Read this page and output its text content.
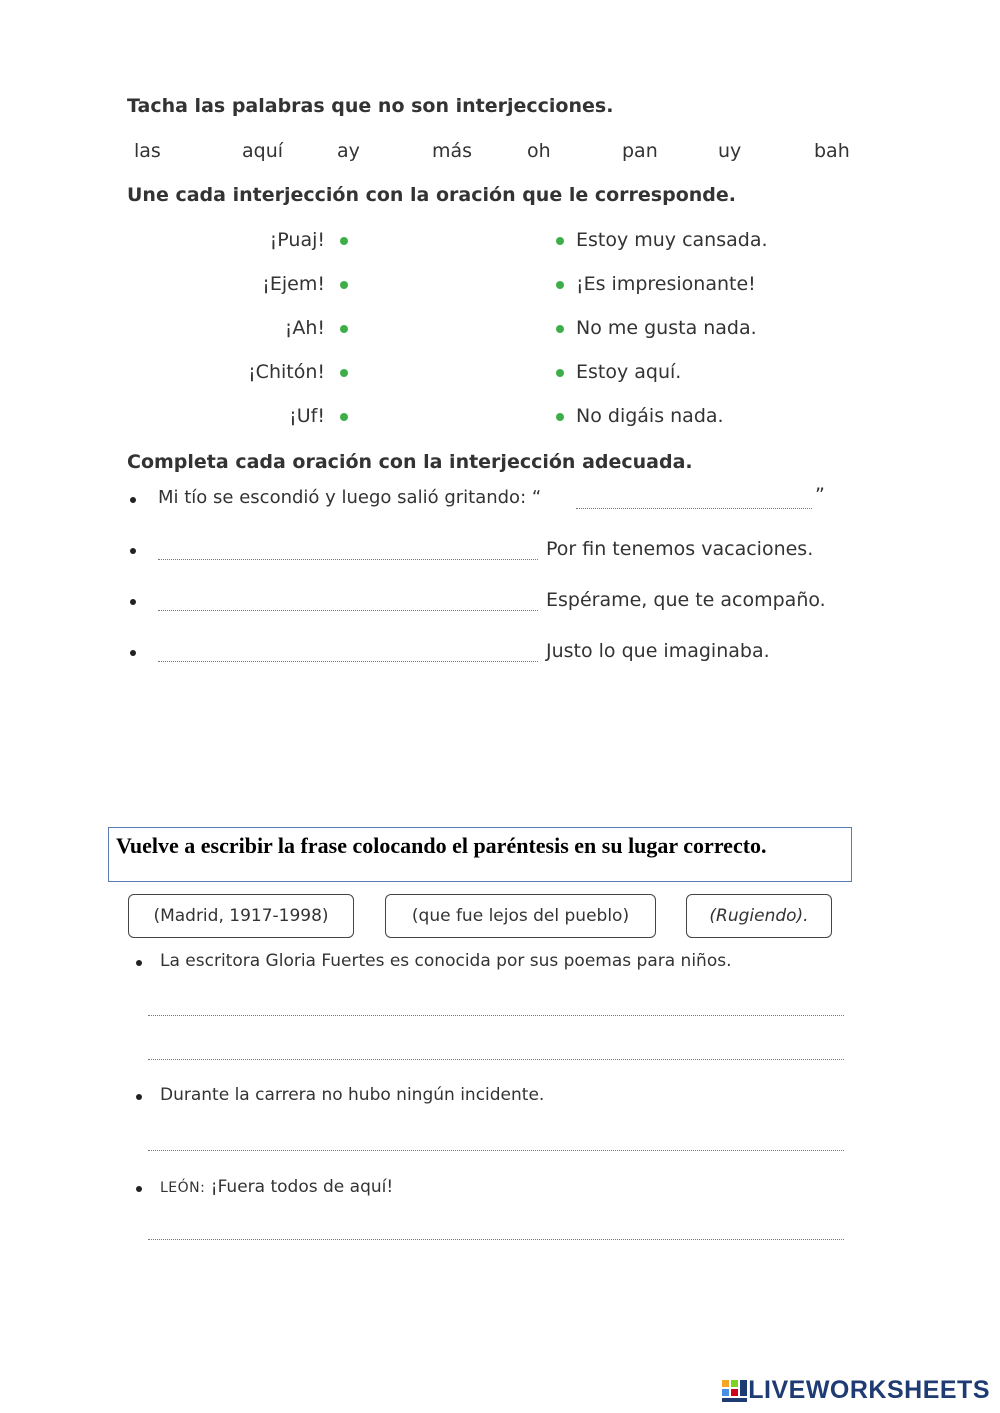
Tacha las palabras que no son interjecciones.
las	aquí	ay	más	oh	pan	uy	bah
Une cada interjección con la oración que le corresponde.
¡Puaj!
¡Ejem!
¡Ah!
¡Chitón!
¡Uf!
Estoy muy cansada.
¡Es impresionante!
No me gusta nada.
Estoy aquí.
No digáis nada.
Completa cada oración con la interjección adecuada.
Mi tío se escondió y luego salió gritando: “	”
Por fin tenemos vacaciones.
Espérame, que te acompaño.
Justo lo que imaginaba.
Vuelve a escribir la frase colocando el paréntesis en su lugar correcto.
(Madrid, 1917-1998)	(que fue lejos del pueblo)	(Rugiendo).
La escritora Gloria Fuertes es conocida por sus poemas para niños.
Durante la carrera no hubo ningún incidente.
LEÓN: ¡Fuera todos de aquí!
LIVEWORKSHEETS
